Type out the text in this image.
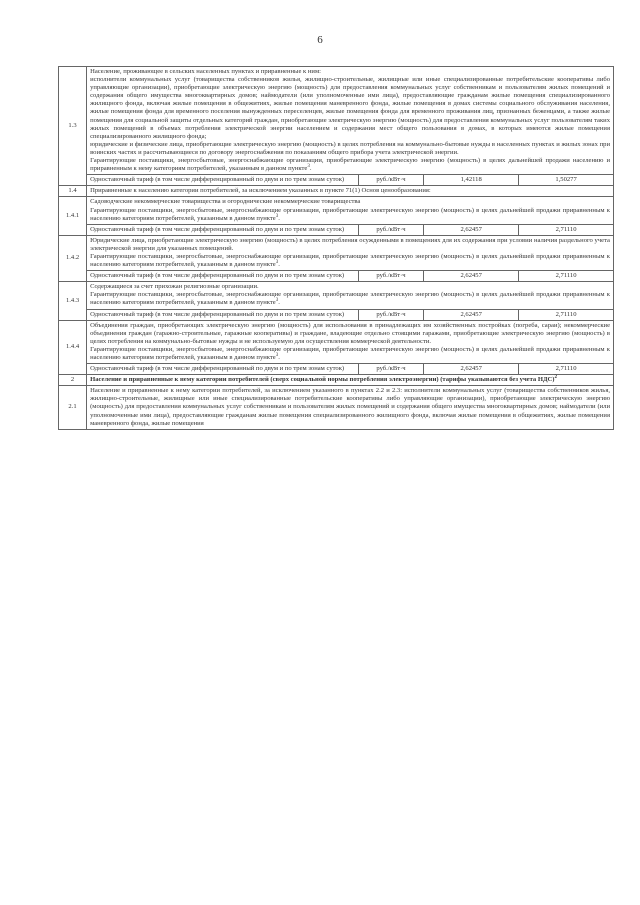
6
1.3	Население, проживающее в сельских населенных пунктах и приравненные к ним:

исполнители коммунальных услуг (товарищества собственников жилья, жилищно-строительные, жилищные или иные специализированные потребительские кооперативы либо управляющие организации), приобретающие электрическую энергию (мощность) для предоставления коммунальных услуг собственникам и пользователям жилых помещений и содержания общего имущества многоквартирных домов; наймодатели (или уполномоченные ими лица), предоставляющие гражданам жилые помещения специализированного жилищного фонда, включая жилые помещения в общежитиях, жилые помещения маневренного фонда, жилые помещения в домах системы социального обслуживания населения, жилые помещения фонда для временного поселения вынужденных переселенцев, жилые помещения фонда для временного проживания лиц, признанных беженцами, а также жилые помещения для социальной защиты отдельных категорий граждан, приобретающие электрическую энергию (мощность) для предоставления коммунальных услуг пользователям таких жилых помещений в объемах потребления электрической энергии населением и содержания мест общего пользования в домах, в которых имеются жилые помещения специализированного жилищного фонда;

юридические и физические лица, приобретающие электрическую энергию (мощность) в целях потребления на коммунально-бытовые нужды в населенных пунктах и жилых зонах при воинских частях и рассчитывающиеся по договору энергоснабжения по показаниям общего прибора учета электрической энергии.

Гарантирующие поставщики, энергосбытовые, энергоснабжающие организации, приобретающие электрическую энергию (мощность) в целях дальнейшей продажи населению и приравненным к нему категориям потребителей, указанным в данном пункте$^3$.			

	Одноставочный тариф (в том числе дифференцированный по двум и по трем зонам суток)	руб./кВт·ч	1,42118	1,50277
1.4	Приравненные к населению категории потребителей, за исключением указанных в пункте 71(1) Основ ценообразования:			
1.4.1	Садоводческие некоммерческие товарищества и огороднические некоммерческие товарищества

Гарантирующие поставщики, энергосбытовые, энергоснабжающие организации, приобретающие электрическую энергию (мощность) в целях дальнейшей продажи приравненным к населению категориям потребителей, указанным в данном пункте$^3$.			

	Одноставочный тариф (в том числе дифференцированный по двум и по трем зонам суток)	руб./кВт·ч	2,62457	2,71110
1.4.2	Юридические лица, приобретающие электрическую энергию (мощность) в целях потребления осужденными в помещениях для их содержания при условии наличия раздельного учета электрической энергии для указанных помещений.

Гарантирующие поставщики, энергосбытовые, энергоснабжающие организации, приобретающие электрическую энергию (мощность) в целях дальнейшей продажи приравненным к населению категориям потребителей, указанным в данном пункте$^3$.			

	Одноставочный тариф (в том числе дифференцированный по двум и по трем зонам суток)	руб./кВт·ч	2,62457	2,71110
1.4.3	Содержащиеся за счет прихожан религиозные организации.

Гарантирующие поставщики, энергосбытовые, энергоснабжающие организации, приобретающие электрическую энергию (мощность) в целях дальнейшей продажи приравненным к населению категориям потребителей, указанным в данном пункте$^3$.			

	Одноставочный тариф (в том числе дифференцированный по двум и по трем зонам суток)	руб./кВт·ч	2,62457	2,71110
1.4.4	Объединения граждан, приобретающих электрическую энергию (мощность) для использования в принадлежащих им хозяйственных постройках (погреба, сараи); некоммерческие объединения граждан (гаражно-строительные, гаражные кооперативы) и граждане, владеющие отдельно стоящими гаражами, приобретающие электрическую энергию (мощность) в целях потребления на коммунально-бытовые нужды и не используемую для осуществления коммерческой деятельности.

Гарантирующие поставщики, энергосбытовые, энергоснабжающие организации, приобретающие электрическую энергию (мощность) в целях дальнейшей продажи приравненным к населению категориям потребителей, указанным в данном пункте$^3$.			

	Одноставочный тариф (в том числе дифференцированный по двум и по трем зонам суток)	руб./кВт·ч	2,62457	2,71110
2	Население и приравненные к нему категории потребителей (сверх социальной нормы потребления электроэнергии) (тарифы указываются без учета НДС)$^2$
2.1	Население и приравненные к нему категории потребителей, за исключением указанного в пунктах 2.2 и 2.3: исполнители коммунальных услуг (товарищества собственников жилья, жилищно-строительные, жилищные или иные специализированные потребительские кооперативы либо управляющие организации), приобретающие электрическую энергию (мощность) для предоставления коммунальных услуг собственникам и пользователям жилых помещений и содержания общего имущества многоквартирных домов; наймодатели (или уполномоченные ими лица), предоставляющие гражданам жилые помещения специализированного жилищного фонда, включая жилые помещения в общежитиях, жилые помещения маневренного фонда, жилые помещения			
